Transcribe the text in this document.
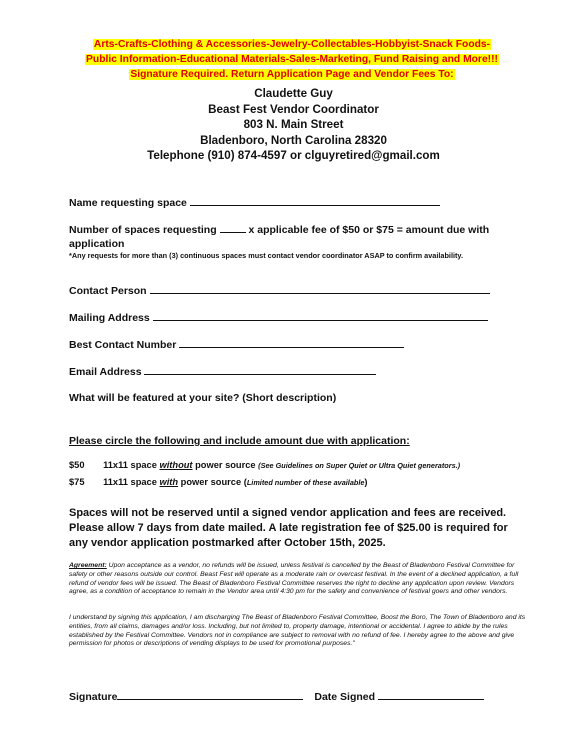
Arts-Crafts-Clothing & Accessories-Jewelry-Collectables-Hobbyist-Snack Foods-
Public Information-Educational Materials-Sales-Marketing, Fund Raising and More!!!
Signature Required. Return Application Page and Vendor Fees To:
Claudette Guy
Beast Fest Vendor Coordinator
803 N. Main Street
Bladenboro, North Carolina 28320
Telephone (910) 874-4597 or clguyretired@gmail.com
Name requesting space
Number of spaces requesting	x applicable fee of $50 or $75 = amount due with
application
*Any requests for more than (3) continuous spaces must contact vendor coordinator ASAP to confirm availability.
Contact Person
Mailing Address
Best Contact Number
Email Address
What will be featured at your site? (Short description)
Please circle the following and include amount due with application:
$50 11x11 space without power source (See Guidelines on Super Quiet or Ultra Quiet generators.)
$75 11x11 space with power source (Limited number of these available)
Spaces will not be reserved until a signed vendor application and fees are received. Please allow 7 days from date mailed. A late registration fee of $25.00 is required for any vendor application postmarked after October 15th, 2025.
Agreement: Upon acceptance as a vendor, no refunds will be issued, unless festival is cancelled by the Beast of Bladenboro Festival Committee for safety or other reasons outside our control. Beast Fest will operate as a moderate rain or overcast festival. In the event of a declined application, a full refund of vendor fees will be issued. The Beast of Bladenboro Festival Committee reserves the right to decline any application upon review. Vendors agree, as a condition of acceptance to remain in the Vendor area until 4:30 pm for the safety and convenience of festival goers and other vendors.
I understand by signing this application, I am discharging The Beast of Bladenboro Festival Committee, Boost the Boro, The Town of Bladenboro and its entities, from all claims, damages and/or loss. Including, but not limited to, property damage, intentional or accidental. I agree to abide by the rules established by the Festival Committee. Vendors not in compliance are subject to removal with no refund of fee. I hereby agree to the above and give permission for photos or descriptions of vending displays to be used for promotional purposes."
Signature	Date Signed
